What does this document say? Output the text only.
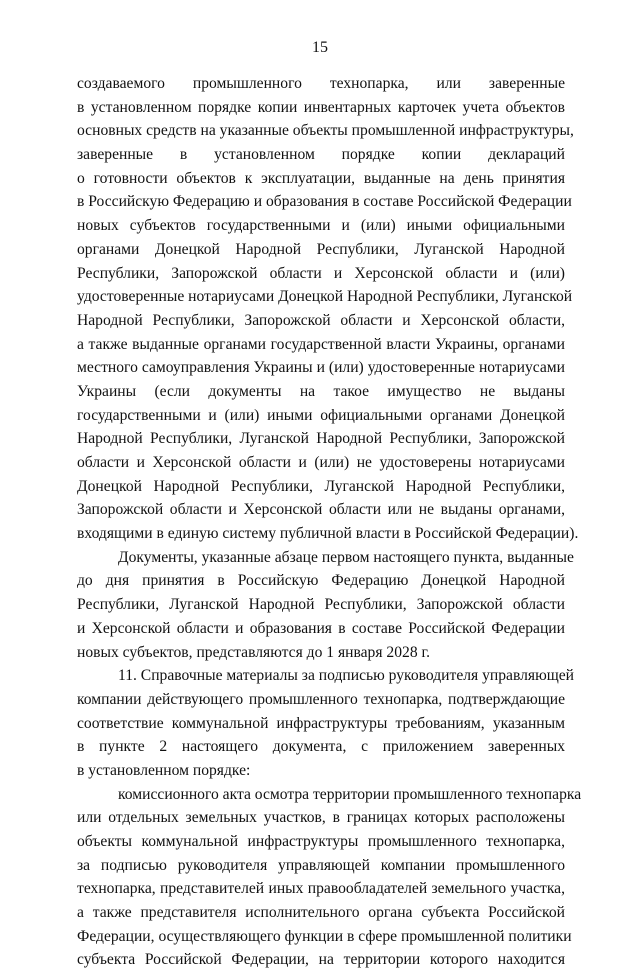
15
создаваемого промышленного технопарка, или заверенные
в установленном порядке копии инвентарных карточек учета объектов
основных средств на указанные объекты промышленной инфраструктуры,
заверенные в установленном порядке копии деклараций
о готовности объектов к эксплуатации, выданные на день принятия
в Российскую Федерацию и образования в составе Российской Федерации
новых субъектов государственными и (или) иными официальными
органами Донецкой Народной Республики, Луганской Народной
Республики, Запорожской области и Херсонской области и (или)
удостоверенные нотариусами Донецкой Народной Республики, Луганской
Народной Республики, Запорожской области и Херсонской области,
а также выданные органами государственной власти Украины, органами
местного самоуправления Украины и (или) удостоверенные нотариусами
Украины (если документы на такое имущество не выданы
государственными и (или) иными официальными органами Донецкой
Народной Республики, Луганской Народной Республики, Запорожской
области и Херсонской области и (или) не удостоверены нотариусами
Донецкой Народной Республики, Луганской Народной Республики,
Запорожской области и Херсонской области или не выданы органами,
входящими в единую систему публичной власти в Российской Федерации).
Документы, указанные абзаце первом настоящего пункта, выданные
до дня принятия в Российскую Федерацию Донецкой Народной
Республики, Луганской Народной Республики, Запорожской области
и Херсонской области и образования в составе Российской Федерации
новых субъектов, представляются до 1 января 2028 г.
11. Справочные материалы за подписью руководителя управляющей
компании действующего промышленного технопарка, подтверждающие
соответствие коммунальной инфраструктуры требованиям, указанным
в пункте 2 настоящего документа, с приложением заверенных
в установленном порядке:
комиссионного акта осмотра территории промышленного технопарка
или отдельных земельных участков, в границах которых расположены
объекты коммунальной инфраструктуры промышленного технопарка,
за подписью руководителя управляющей компании промышленного
технопарка, представителей иных правообладателей земельного участка,
а также представителя исполнительного органа субъекта Российской
Федерации, осуществляющего функции в сфере промышленной политики
субъекта Российской Федерации, на территории которого находится
